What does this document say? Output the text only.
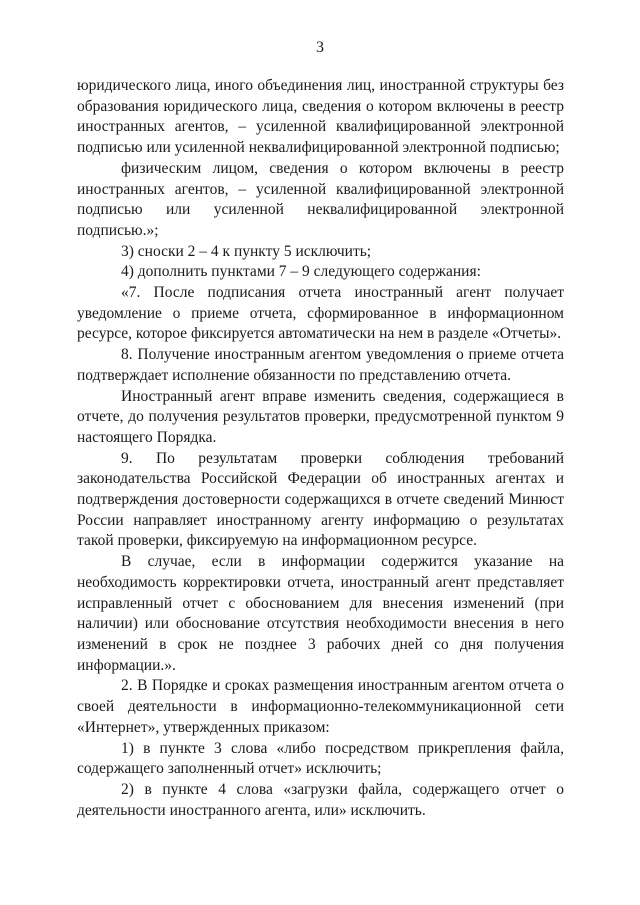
3

юридического лица, иного объединения лиц, иностранной структуры без образования юридического лица, сведения о котором включены в реестр иностранных агентов, – усиленной квалифицированной электронной подписью или усиленной неквалифицированной электронной подписью;

физическим лицом, сведения о котором включены в реестр иностранных агентов, – усиленной квалифицированной электронной подписью или усиленной неквалифицированной электронной подписью.»;

3) сноски 2 – 4 к пункту 5 исключить;

4) дополнить пунктами 7 – 9 следующего содержания:

«7. После подписания отчета иностранный агент получает уведомление о приеме отчета, сформированное в информационном ресурсе, которое фиксируется автоматически на нем в разделе «Отчеты».

8. Получение иностранным агентом уведомления о приеме отчета подтверждает исполнение обязанности по представлению отчета.

Иностранный агент вправе изменить сведения, содержащиеся в отчете, до получения результатов проверки, предусмотренной пунктом 9 настоящего Порядка.

9. По результатам проверки соблюдения требований законодательства Российской Федерации об иностранных агентах и подтверждения достоверности содержащихся в отчете сведений Минюст России направляет иностранному агенту информацию о результатах такой проверки, фиксируемую на информационном ресурсе.

В случае, если в информации содержится указание на необходимость корректировки отчета, иностранный агент представляет исправленный отчет с обоснованием для внесения изменений (при наличии) или обоснование отсутствия необходимости внесения в него изменений в срок не позднее 3 рабочих дней со дня получения информации.».

2. В Порядке и сроках размещения иностранным агентом отчета о своей деятельности в информационно-телекоммуникационной сети «Интернет», утвержденных приказом:

1) в пункте 3 слова «либо посредством прикрепления файла, содержащего заполненный отчет» исключить;

2) в пункте 4 слова «загрузки файла, содержащего отчет о деятельности иностранного агента, или» исключить.
